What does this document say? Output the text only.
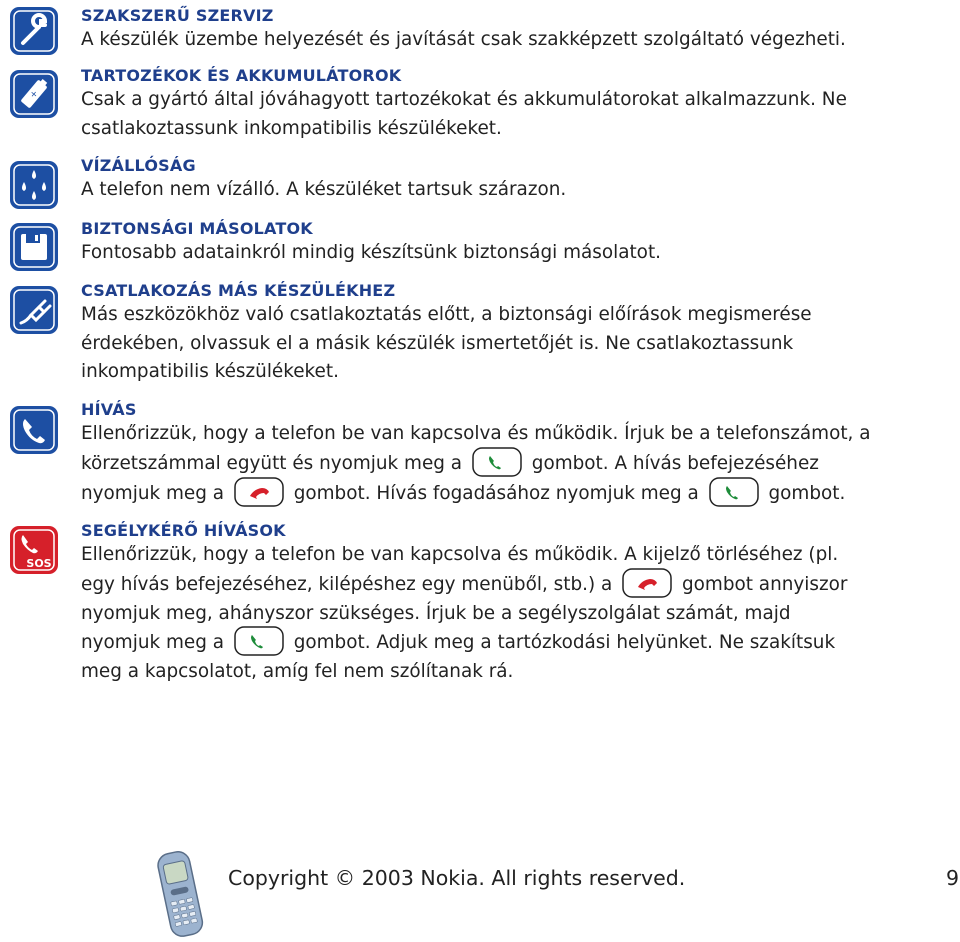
SZAKSZERŰ SZERVIZ
A készülék üzembe helyezését és javítását csak szakképzett szolgáltató végezheti.
+
TARTOZÉKOK ÉS AKKUMULÁTOROK
Csak a gyártó által jóváhagyott tartozékokat és akkumulátorokat alkalmazzunk. Ne
csatlakoztassunk inkompatibilis készülékeket.
VÍZÁLLÓSÁG
A telefon nem vízálló. A készüléket tartsuk szárazon.
BIZTONSÁGI MÁSOLATOK
Fontosabb adatainkról mindig készítsünk biztonsági másolatot.
CSATLAKOZÁS MÁS KÉSZÜLÉKHEZ
Más eszközökhöz való csatlakoztatás előtt, a biztonsági előírások megismerése
érdekében, olvassuk el a másik készülék ismertetőjét is. Ne csatlakoztassunk
inkompatibilis készülékeket.
HÍVÁS
Ellenőrizzük, hogy a telefon be van kapcsolva és működik. Írjuk be a telefonszámot, a
körzetszámmal együtt és nyomjuk meg a	gombot. A hívás befejezéséhez
nyomjuk meg a	gombot. Hívás fogadásához nyomjuk meg a	gombot.
SOS
SEGÉLYKÉRŐ HÍVÁSOK
Ellenőrizzük, hogy a telefon be van kapcsolva és működik. A kijelző törléséhez (pl.
egy hívás befejezéséhez, kilépéshez egy menüből, stb.) a	gombot annyiszor
nyomjuk meg, ahányszor szükséges. Írjuk be a segélyszolgálat számát, majd
nyomjuk meg a	gombot. Adjuk meg a tartózkodási helyünket. Ne szakítsuk
meg a kapcsolatot, amíg fel nem szólítanak rá.
Copyright © 2003 Nokia. All rights reserved.	9
